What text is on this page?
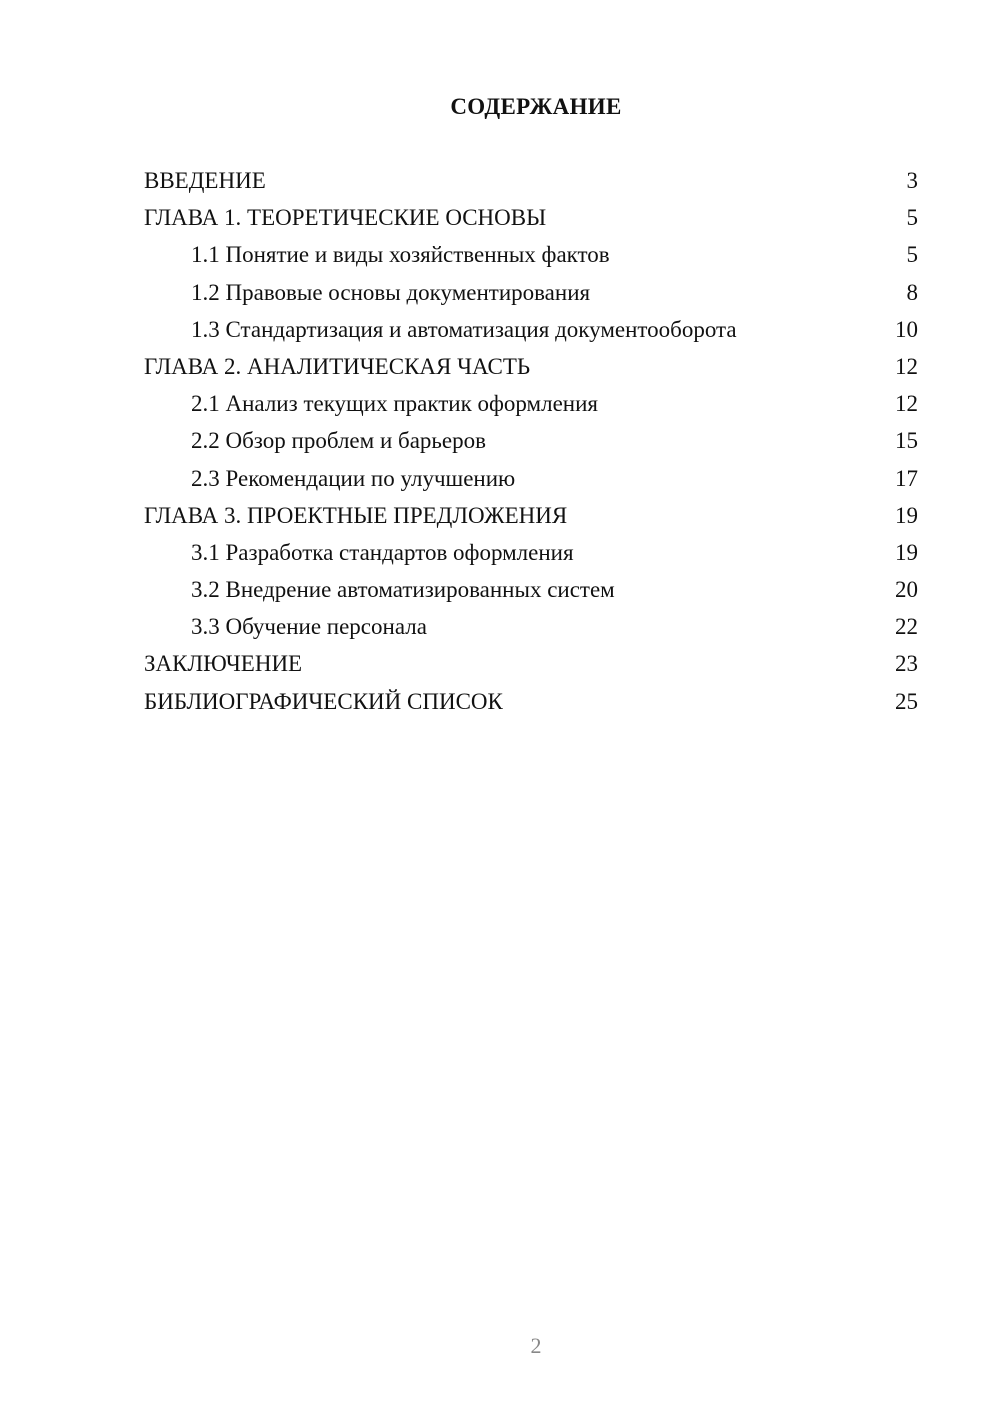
СОДЕРЖАНИЕ
ВВЕДЕНИЕ	3
ГЛАВА 1. ТЕОРЕТИЧЕСКИЕ ОСНОВЫ	5
1.1 Понятие и виды хозяйственных фактов	5
1.2 Правовые основы документирования	8
1.3 Стандартизация и автоматизация документооборота	10
ГЛАВА 2. АНАЛИТИЧЕСКАЯ ЧАСТЬ	12
2.1 Анализ текущих практик оформления	12
2.2 Обзор проблем и барьеров	15
2.3 Рекомендации по улучшению	17
ГЛАВА 3. ПРОЕКТНЫЕ ПРЕДЛОЖЕНИЯ	19
3.1 Разработка стандартов оформления	19
3.2 Внедрение автоматизированных систем	20
3.3 Обучение персонала	22
ЗАКЛЮЧЕНИЕ	23
БИБЛИОГРАФИЧЕСКИЙ СПИСОК	25
2
